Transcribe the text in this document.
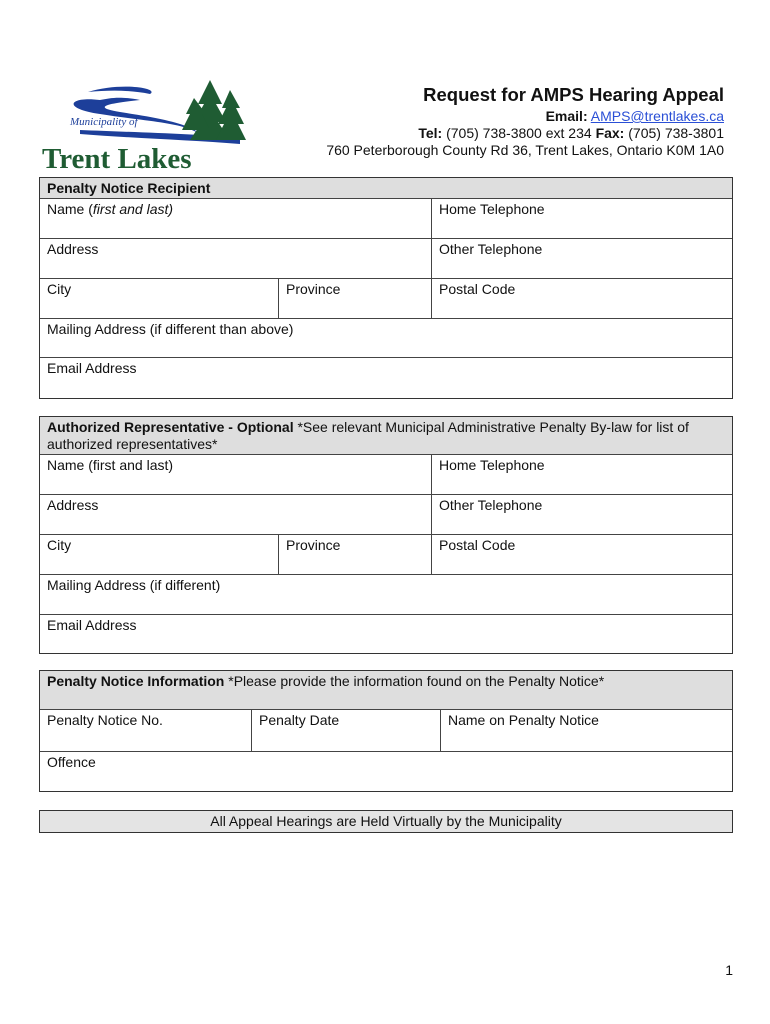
Municipality of
Trent Lakes
Request for AMPS Hearing Appeal
Email: AMPS@trentlakes.ca
Tel: (705) 738-3800 ext 234 Fax: (705) 738-3801
760 Peterborough County Rd 36, Trent Lakes, Ontario K0M 1A0
Penalty Notice Recipient
Name (first and last)	Home Telephone
Address	Other Telephone
City	Province	Postal Code
Mailing Address (if different than above)
Email Address
Authorized Representative - Optional *See relevant Municipal Administrative Penalty By-law for list of authorized representatives*
Name (first and last)	Home Telephone
Address	Other Telephone
City	Province	Postal Code
Mailing Address (if different)
Email Address
Penalty Notice Information *Please provide the information found on the Penalty Notice*
Penalty Notice No.	Penalty Date	Name on Penalty Notice
Offence
All Appeal Hearings are Held Virtually by the Municipality
1
